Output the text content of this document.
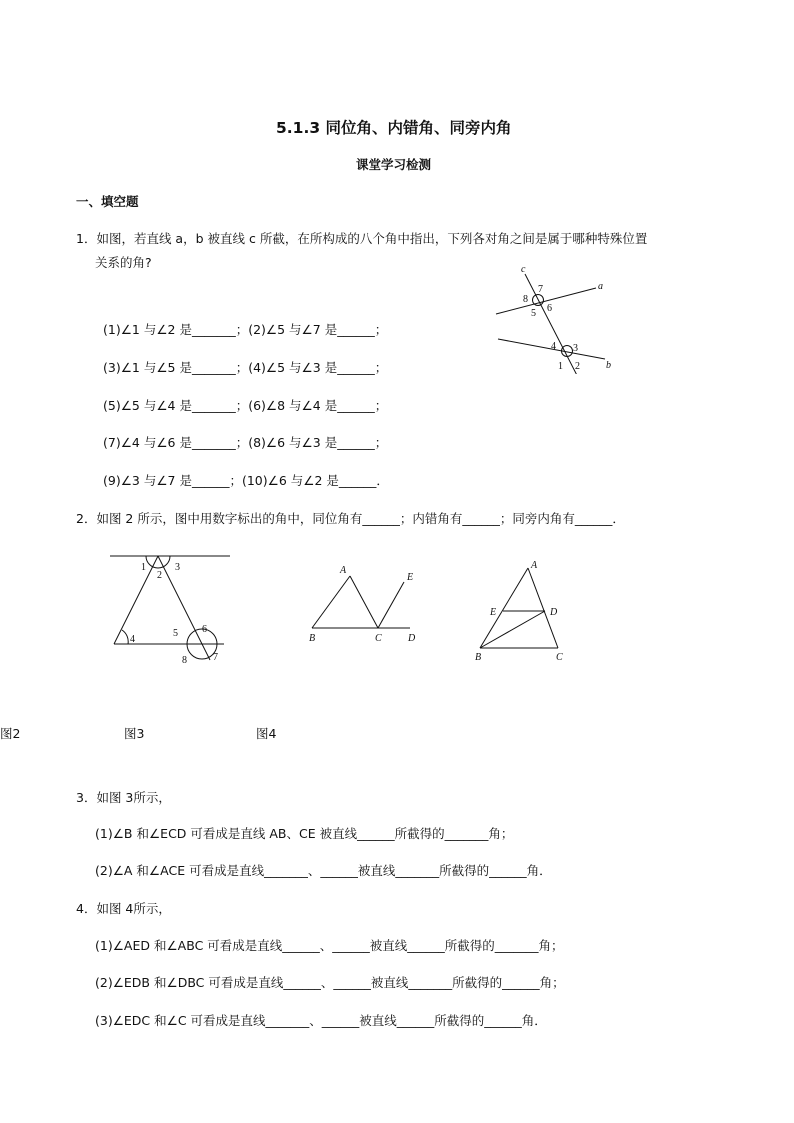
5.1.3 同位角、内错角、同旁内角
课堂学习检测
一、填空题
1．如图，若直线 a，b 被直线 c 所截，在所构成的八个角中指出，下列各对角之间是属于哪种特殊位置
关系的角?
(1)∠1 与∠2 是_______；(2)∠5 与∠7 是______；
(3)∠1 与∠5 是_______；(4)∠5 与∠3 是______；
(5)∠5 与∠4 是_______；(6)∠8 与∠4 是______；
(7)∠4 与∠6 是_______；(8)∠6 与∠3 是______；
(9)∠3 与∠7 是______；(10)∠6 与∠2 是______．
c
a
b
7
8
6
5
4 3
1 2
2．如图 2 所示，图中用数字标出的角中，同位角有______；内错角有______；同旁内角有______．
1
2
3
4
5 6
7
8
A
B	C	D
E
A
E	D
B	C
图2	图3	图4
3．如图 3所示，
(1)∠B 和∠ECD 可看成是直线 AB、CE 被直线______所截得的_______角；
(2)∠A 和∠ACE 可看成是直线_______、______被直线_______所截得的______角．
4．如图 4所示，
(1)∠AED 和∠ABC 可看成是直线______、______被直线______所截得的_______角；
(2)∠EDB 和∠DBC 可看成是直线______、______被直线_______所截得的______角；
(3)∠EDC 和∠C 可看成是直线_______、______被直线______所截得的______角．
